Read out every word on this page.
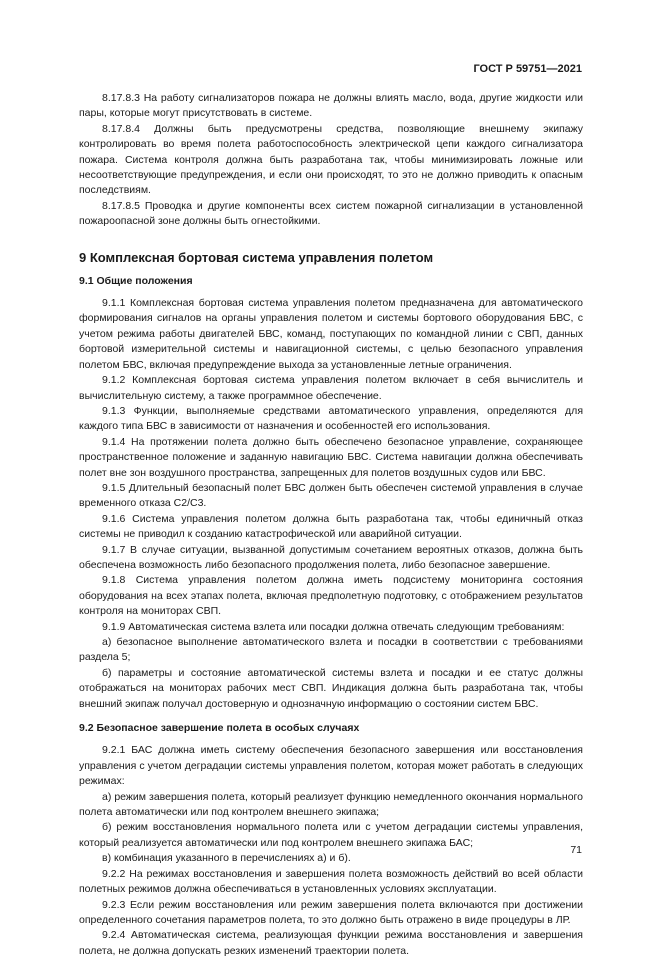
ГОСТ Р 59751—2021

8.17.8.3 На работу сигнализаторов пожара не должны влиять масло, вода, другие жидкости или пары, которые могут присутствовать в системе.

8.17.8.4 Должны быть предусмотрены средства, позволяющие внешнему экипажу контролировать во время полета работоспособность электрической цепи каждого сигнализатора пожара. Система контроля должна быть разработана так, чтобы минимизировать ложные или несоответствующие предупреждения, и если они происходят, то это не должно приводить к опасным последствиям.

8.17.8.5 Проводка и другие компоненты всех систем пожарной сигнализации в установленной пожароопасной зоне должны быть огнестойкими.

9 Комплексная бортовая система управления полетом
9.1 Общие положения

9.1.1 Комплексная бортовая система управления полетом предназначена для автоматического формирования сигналов на органы управления полетом и системы бортового оборудования БВС, с учетом режима работы двигателей БВС, команд, поступающих по командной линии с СВП, данных бортовой измерительной системы и навигационной системы, с целью безопасного управления полетом БВС, включая предупреждение выхода за установленные летные ограничения.

9.1.2 Комплексная бортовая система управления полетом включает в себя вычислитель и вычислительную систему, а также программное обеспечение.

9.1.3 Функции, выполняемые средствами автоматического управления, определяются для каждого типа БВС в зависимости от назначения и особенностей его использования.

9.1.4 На протяжении полета должно быть обеспечено безопасное управление, сохраняющее пространственное положение и заданную навигацию БВС. Система навигации должна обеспечивать полет вне зон воздушного пространства, запрещенных для полетов воздушных судов или БВС.

9.1.5 Длительный безопасный полет БВС должен быть обеспечен системой управления в случае временного отказа С2/С3.

9.1.6 Система управления полетом должна быть разработана так, чтобы единичный отказ системы не приводил к созданию катастрофической или аварийной ситуации.

9.1.7 В случае ситуации, вызванной допустимым сочетанием вероятных отказов, должна быть обеспечена возможность либо безопасного продолжения полета, либо безопасное завершение.

9.1.8 Система управления полетом должна иметь подсистему мониторинга состояния оборудования на всех этапах полета, включая предполетную подготовку, с отображением результатов контроля на мониторах СВП.

9.1.9 Автоматическая система взлета или посадки должна отвечать следующим требованиям:

а) безопасное выполнение автоматического взлета и посадки в соответствии с требованиями раздела 5;

б) параметры и состояние автоматической системы взлета и посадки и ее статус должны отображаться на мониторах рабочих мест СВП. Индикация должна быть разработана так, чтобы внешний экипаж получал достоверную и однозначную информацию о состоянии систем БВС.

9.2 Безопасное завершение полета в особых случаях

9.2.1 БАС должна иметь систему обеспечения безопасного завершения или восстановления управления с учетом деградации системы управления полетом, которая может работать в следующих режимах:

а) режим завершения полета, который реализует функцию немедленного окончания нормального полета автоматически или под контролем внешнего экипажа;

б) режим восстановления нормального полета или с учетом деградации системы управления, который реализуется автоматически или под контролем внешнего экипажа БАС;

в) комбинация указанного в перечислениях а) и б).

9.2.2 На режимах восстановления и завершения полета возможность действий во всей области полетных режимов должна обеспечиваться в установленных условиях эксплуатации.

9.2.3 Если режим восстановления или режим завершения полета включаются при достижении определенного сочетания параметров полета, то это должно быть отражено в виде процедуры в ЛР.

9.2.4 Автоматическая система, реализующая функции режима восстановления и завершения полета, не должна допускать резких изменений траектории полета.

71
